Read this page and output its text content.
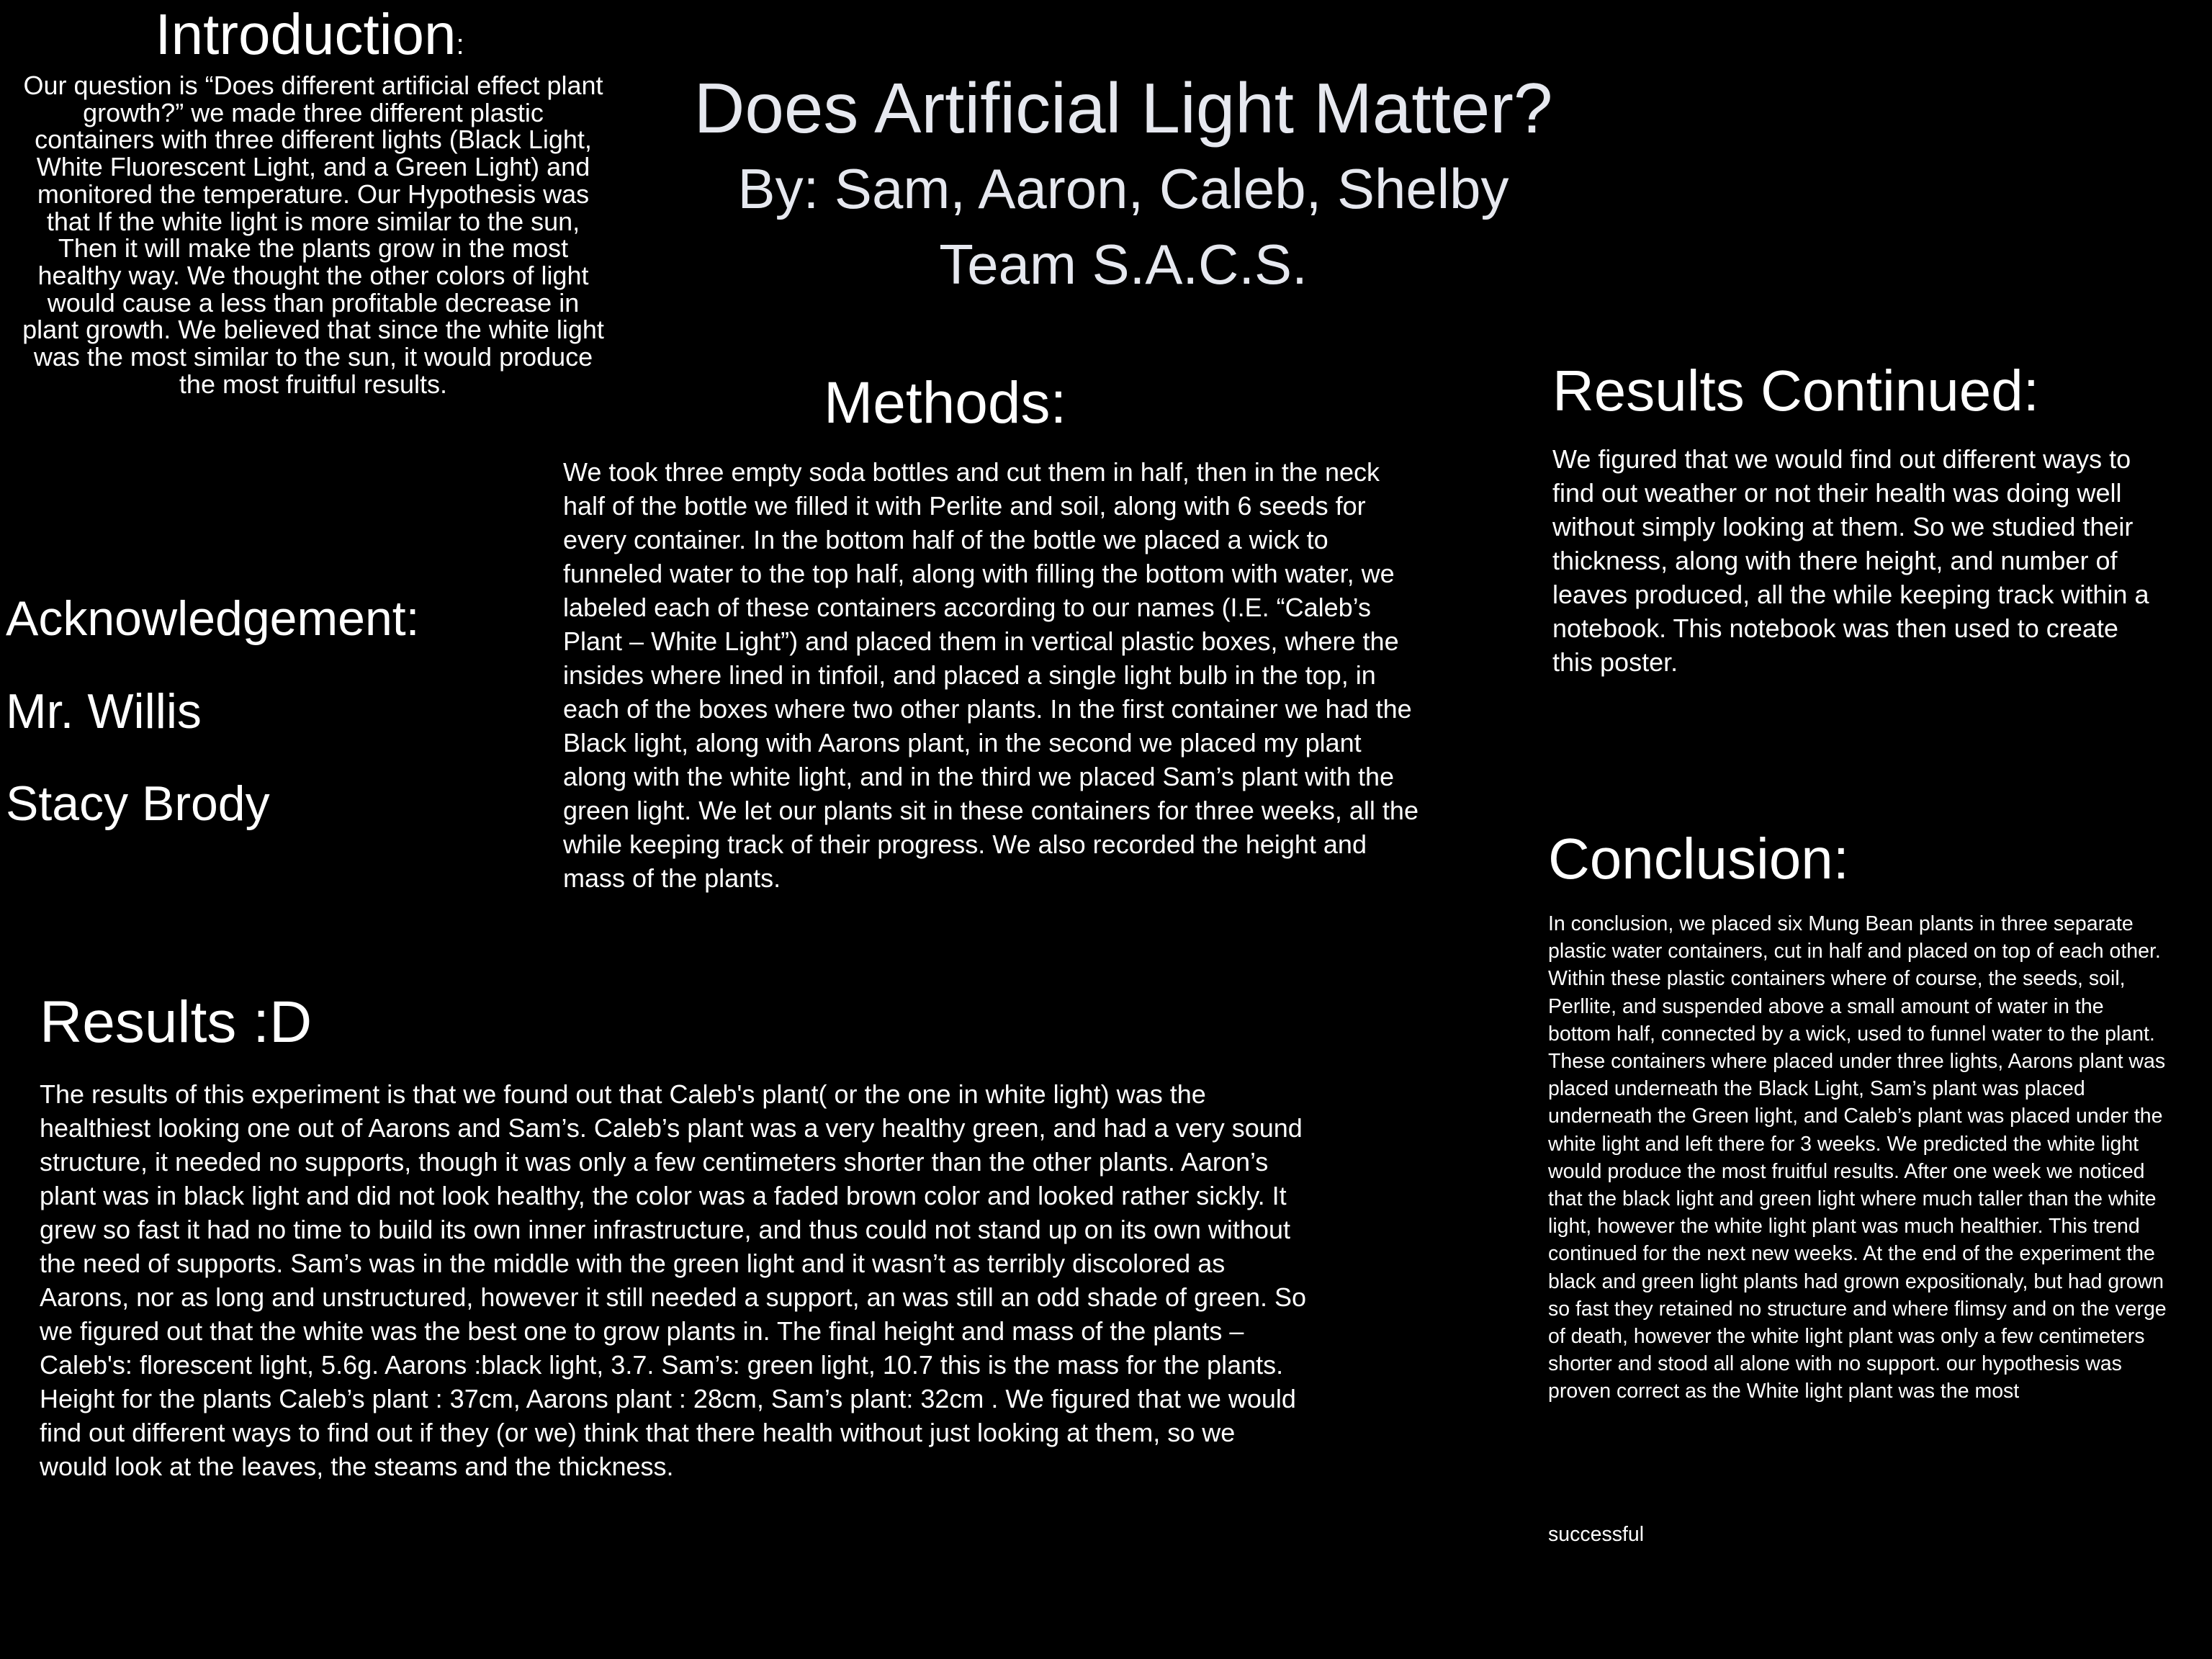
Introduction:

Our question is “Does different artificial effect plant growth?” we made three different plastic containers with three different lights (Black Light, White Fluorescent Light, and a Green Light) and monitored the temperature. Our Hypothesis was that If the white light is more similar to the sun, Then it will make the plants grow in the most healthy way. We thought the other colors of light would cause a less than profitable decrease in plant growth. We believed that since the white light was the most similar to the sun, it would produce the most fruitful results.

Does Artificial Light Matter?
By: Sam, Aaron, Caleb, Shelby
Team S.A.C.S.
Methods:

We took three empty soda bottles and cut them in half, then in the neck half of the bottle we filled it with Perlite and soil, along with 6 seeds for every container. In the bottom half of the bottle we placed a wick to funneled water to the top half, along with filling the bottom with water, we labeled each of these containers according to our names (I.E. “Caleb’s Plant – White Light”) and placed them in vertical plastic boxes, where the insides where lined in tinfoil, and placed a single light bulb in the top, in each of the boxes where two other plants. In the first container we had the Black light, along with Aarons plant, in the second we placed my plant along with the white light, and in the third we placed Sam’s plant with the green light. We let our plants sit in these containers for three weeks, all the while keeping track of their progress. We also recorded the height and mass of the plants.

Acknowledgement:
Mr. Willis
Stacy Brody
Results Continued:

We figured that we would find out different ways to find out weather or not their health was doing well without simply looking at them. So we studied their thickness, along with there height, and number of leaves produced, all the while keeping track within a notebook. This notebook was then used to create this poster.

Conclusion:

In conclusion, we placed six Mung Bean plants in three separate plastic water containers, cut in half and placed on top of each other. Within these plastic containers where of course, the seeds, soil, Perllite, and suspended above a small amount of water in the bottom half, connected by a wick, used to funnel water to the plant. These containers where placed under three lights, Aarons plant was placed underneath the Black Light, Sam’s plant was placed underneath the Green light, and Caleb’s plant was placed under the white light and left there for 3 weeks. We predicted the white light would produce the most fruitful results. After one week we noticed that the black light and green light where much taller than the white light, however the white light plant was much healthier. This trend continued for the next new weeks. At the end of the experiment the black and green light plants had grown expositionaly, but had grown so fast they retained no structure and where flimsy and on the verge of death, however the white light plant was only a few centimeters shorter and stood all alone with no support. our hypothesis was proven correct as the White light plant was the most

successful
Results :D

The results of this experiment is that we found out that Caleb's plant( or the one in white light) was the healthiest looking one out of Aarons and Sam’s. Caleb’s plant was a very healthy green, and had a very sound structure, it needed no supports, though it was only a few centimeters shorter than the other plants. Aaron’s plant was in black light and did not look healthy, the color was a faded brown color and looked rather sickly. It grew so fast it had no time to build its own inner infrastructure, and thus could not stand up on its own without the need of supports. Sam’s was in the middle with the green light and it wasn’t as terribly discolored as Aarons, nor as long and unstructured, however it still needed a support, an was still an odd shade of green. So we figured out that the white was the best one to grow plants in. The final height and mass of the plants – Caleb's: florescent light, 5.6g. Aarons :black light, 3.7. Sam’s: green light, 10.7 this is the mass for the plants. Height for the plants Caleb’s plant : 37cm, Aarons plant : 28cm, Sam’s plant: 32cm . We figured that we would find out different ways to find out if they (or we) think that there health without just looking at them, so we would look at the leaves, the steams and the thickness.
